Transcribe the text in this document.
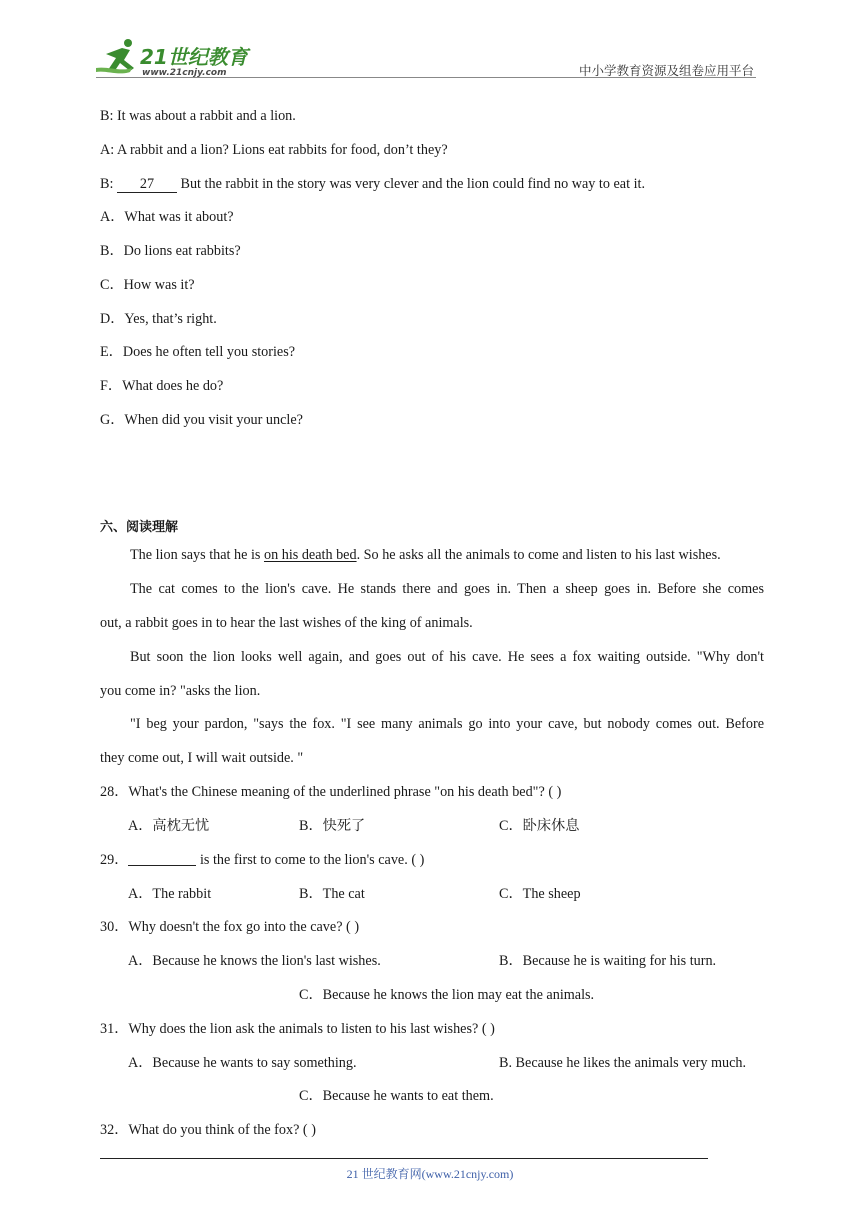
21世纪教育
www.21cnjy.com	中小学教育资源及组卷应用平台
B: It was about a rabbit and a lion.
A: A rabbit and a lion? Lions eat rabbits for food, don’t they?
B: 27 But the rabbit in the story was very clever and the lion could find no way to eat it.
A．What was it about?
B．Do lions eat rabbits?
C．How was it?
D．Yes, that’s right.
E．Does he often tell you stories?
F．What does he do?
G．When did you visit your uncle?
六、阅读理解
The lion says that he is on his death bed. So he asks all the animals to come and listen to his last wishes.
The cat comes to the lion's cave. He stands there and goes in. Then a sheep goes in. Before she comes
out, a rabbit goes in to hear the last wishes of the king of animals.
But soon the lion looks well again, and goes out of his cave. He sees a fox waiting outside. "Why don't
you come in? "asks the lion.
"I beg your pardon, "says the fox. "I see many animals go into your cave, but nobody comes out. Before
they come out, I will wait outside. "
28．What's the Chinese meaning of the underlined phrase "on his death bed"? ( )
A．高枕无忧	B．快死了	C．卧床休息
29．	is the first to come to the lion's cave. ( )
A．The rabbit	B．The cat	C．The sheep
30．Why doesn't the fox go into the cave? ( )
A．Because he knows the lion's last wishes.	B．Because he is waiting for his turn.
C．Because he knows the lion may eat the animals.
31．Why does the lion ask the animals to listen to his last wishes? ( )
A．Because he wants to say something.	B. Because he likes the animals very much.
C．Because he wants to eat them.
32．What do you think of the fox? ( )
21 世纪教育网(www.21cnjy.com)
